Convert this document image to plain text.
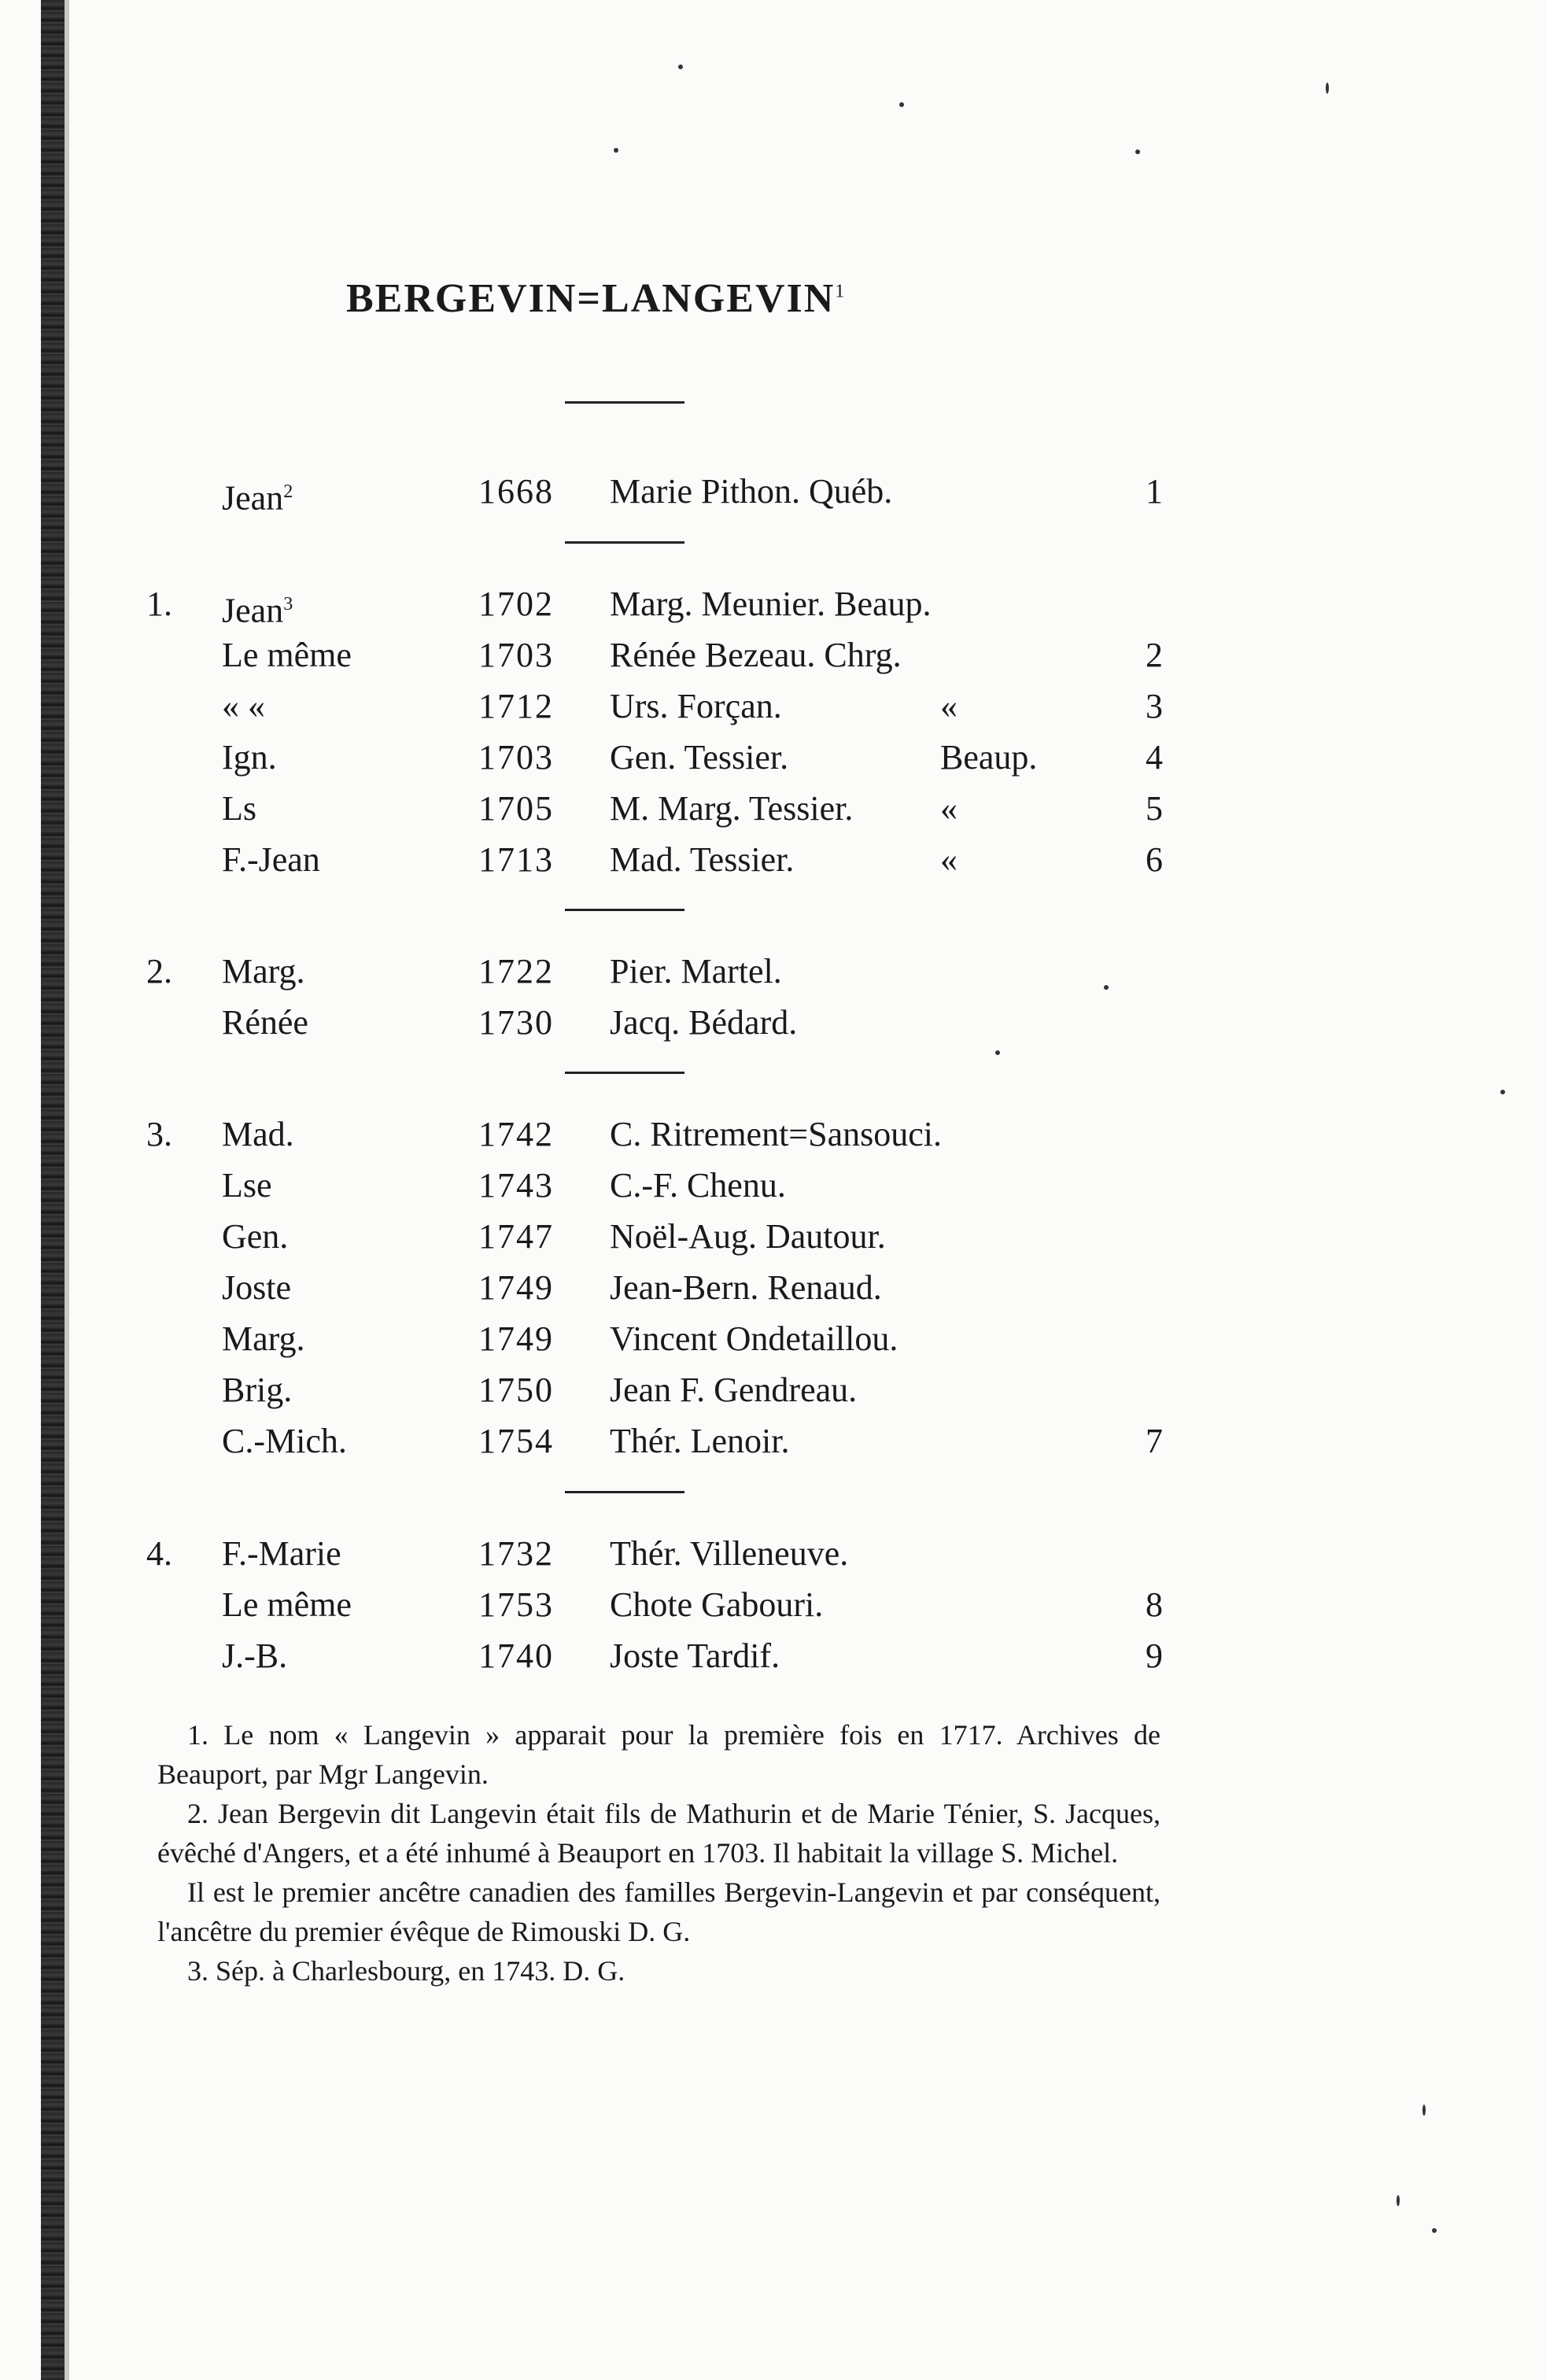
$BERGEVIN=LANGEVIN^1$
Jean$^2$	1668 Marie Pithon. Québ.	1
1. Jean$^3$	1702 Marg. Meunier. Beaup.
Le même	1703 Rénée Bezeau. Chrg.	2
« «	1712 Urs. Forçan.	«	3
Ign.	1703 Gen. Tessier.	Beaup.	4
Ls	1705 M. Marg. Tessier.	«	5
F.-Jean	1713 Mad. Tessier.	«	6
2. Marg.	1722 Pier. Martel.
Rénée	1730 Jacq. Bédard.
3. Mad.	1742 C. Ritrement=Sansouci.
Lse	1743 C.-F. Chenu.
Gen.	1747 Noël-Aug. Dautour.
Joste	1749 Jean-Bern. Renaud.
Marg.	1749 Vincent Ondetaillou.
Brig.	1750 Jean F. Gendreau.
C.-Mich.	1754 Thér. Lenoir.	7
4. F.-Marie	1732 Thér. Villeneuve.
Le même	1753 Chote Gabouri.	8
J.-B.	1740 Joste Tardif.	9

1. Le nom « Langevin » apparait pour la première fois en 1717. Archives de Beauport, par Mgr Langevin.

2. Jean Bergevin dit Langevin était fils de Mathurin et de Marie Ténier, S. Jacques, évêché d'Angers, et a été inhumé à Beauport en 1703. Il habitait la village S. Michel.

Il est le premier ancêtre canadien des familles Bergevin-Langevin et par conséquent, l'ancêtre du premier évêque de Rimouski D. G.

3. Sép. à Charlesbourg, en 1743. D. G.
